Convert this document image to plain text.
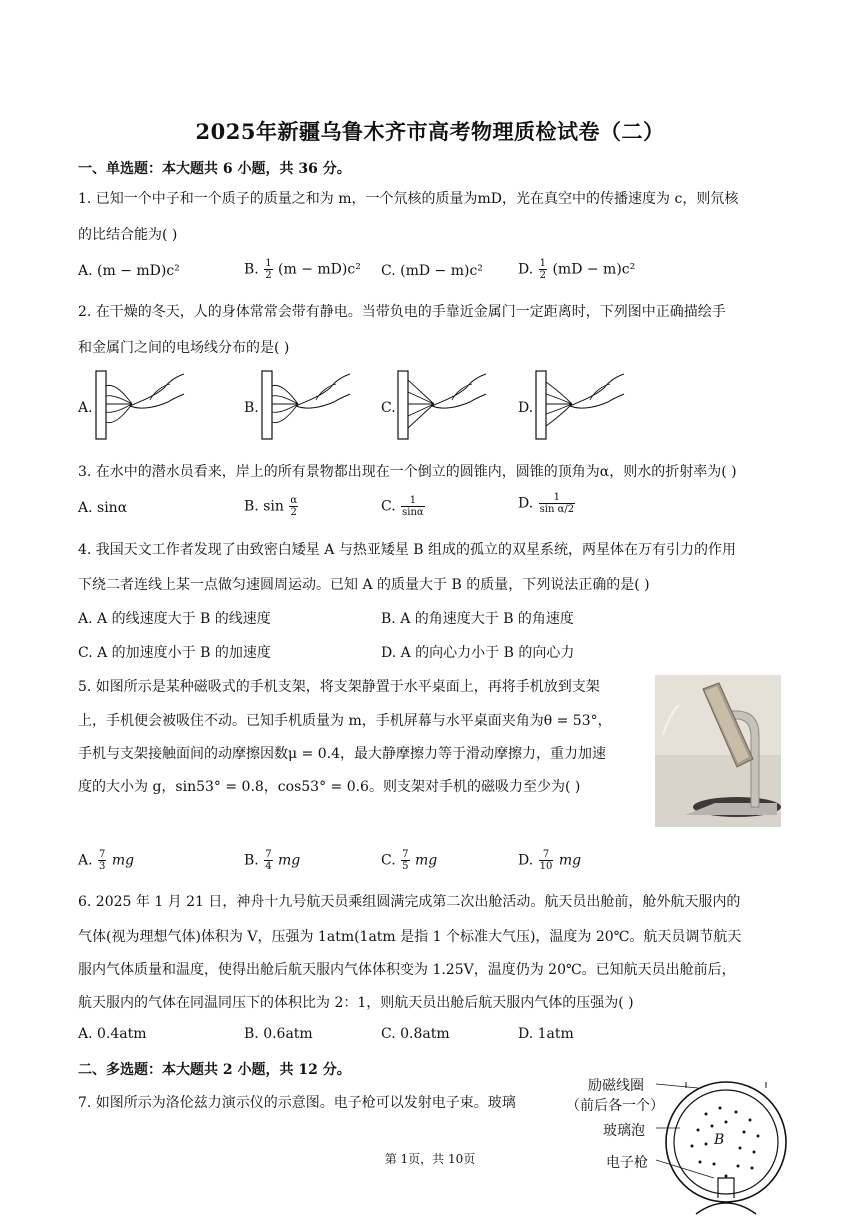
2025年新疆乌鲁木齐市高考物理质检试卷（二）
一、单选题：本大题共 6 小题，共 36 分。
1. 已知一个中子和一个质子的质量之和为 m，一个氘核的质量为mD，光在真空中的传播速度为 c，则氘核
的比结合能为( )
A. (m − mD)c²	B. $\frac{1}{2} (m - mD)c^2$ C. (mD − m)c²	D. $\frac{1}{2} (mD - m)c^2$
2. 在干燥的冬天，人的身体常常会带有静电。当带负电的手靠近金属门一定距离时，下列图中正确描绘手
和金属门之间的电场线分布的是( )
A.	B.	C.	D.
3. 在水中的潜水员看来，岸上的所有景物都出现在一个倒立的圆锥内，圆锥的顶角为α，则水的折射率为( )
A. sinα	B. $\sin \frac{\alpha}{2}$	C. $\frac{1}{\sin\alpha}$	D. $\frac{1}{\text{sin α/2}}$
4. 我国天文工作者发现了由致密白矮星 A 与热亚矮星 B 组成的孤立的双星系统，两星体在万有引力的作用
下绕二者连线上某一点做匀速圆周运动。已知 A 的质量大于 B 的质量，下列说法正确的是( )
A. A 的线速度大于 B 的线速度	B. A 的角速度大于 B 的角速度
C. A 的加速度小于 B 的加速度	D. A 的向心力小于 B 的向心力
5. 如图所示是某种磁吸式的手机支架，将支架静置于水平桌面上，再将手机放到支架
上，手机便会被吸住不动。已知手机质量为 m，手机屏幕与水平桌面夹角为θ = 53°，
手机与支架接触面间的动摩擦因数μ = 0.4，最大静摩擦力等于滑动摩擦力，重力加速
度的大小为 g，sin53° = 0.8，cos53° = 0.6。则支架对手机的磁吸力至少为( )
A. $\frac{7}{3}$ mg	B. $\frac{7}{4}$ mg	C. $\frac{7}{5}$ mg	D. $\frac{7}{10}$ mg
6. 2025 年 1 月 21 日，神舟十九号航天员乘组圆满完成第二次出舱活动。航天员出舱前，舱外航天服内的
气体(视为理想气体)体积为 V，压强为 1atm(1atm 是指 1 个标准大气压)，温度为 20℃。航天员调节航天
服内气体质量和温度，使得出舱后航天服内气体体积变为 1.25V，温度仍为 20℃。已知航天员出舱前后，
航天服内的气体在同温同压下的体积比为 2：1，则航天员出舱后航天服内气体的压强为( )
A. 0.4atm	B. 0.6atm	C. 0.8atm	D. 1atm
二、多选题：本大题共 2 小题，共 12 分。
7. 如图所示为洛伦兹力演示仪的示意图。电子枪可以发射电子束。玻璃
励磁线圈
（前后各一个）
玻璃泡
电子枪
B
第 1页，共 10页
